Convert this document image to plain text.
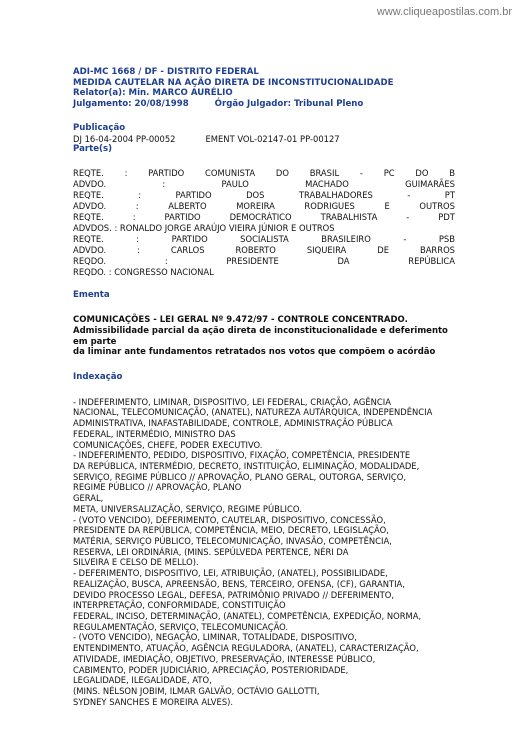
www.cliqueapostilas.com.br
ADI-MC 1668 / DF - DISTRITO FEDERAL
MEDIDA CAUTELAR NA AÇÃO DIRETA DE INCONSTITUCIONALIDADE
Relator(a): Min. MARCO AURÉLIO
Julgamento: 20/08/1998	Órgão Julgador: Tribunal Pleno
Publicação
DJ 16-04-2004 PP-00052	EMENT VOL-02147-01 PP-00127
Parte(s)
REQTE. : PARTIDO COMUNISTA DO BRASIL - PC DO B
ADVDO.	:	PAULO	MACHADO	GUIMARÃES
REQTE.	:	PARTIDO	DOS	TRABALHADORES	-	PT
ADVDO.	:	ALBERTO	MOREIRA	RODRIGUES	E	OUTROS
REQTE.	:	PARTIDO	DEMOCRÁTICO	TRABALHISTA	-	PDT
ADVDOS. : RONALDO JORGE ARAÚJO VIEIRA JÚNIOR E OUTROS
REQTE.	:	PARTIDO	SOCIALISTA	BRASILEIRO	-	PSB
ADVDO.	:	CARLOS	ROBERTO	SIQUEIRA	DE	BARROS
REQDO.	:	PRESIDENTE	DA	REPÚBLICA
REQDO. : CONGRESSO NACIONAL
Ementa
COMUNICAÇÕES - LEI GERAL Nº 9.472/97 - CONTROLE CONCENTRADO.
Admissibilidade parcial da ação direta de inconstitucionalidade e deferimento em parte
da liminar ante fundamentos retratados nos votos que compõem o acórdão
Indexação
- INDEFERIMENTO, LIMINAR, DISPOSITIVO, LEI FEDERAL, CRIAÇÃO, AGÊNCIA
NACIONAL, TELECOMUNICAÇÃO, (ANATEL), NATUREZA AUTÁRQUICA, INDEPENDÊNCIA
ADMINISTRATIVA, INAFASTABILIDADE, CONTROLE, ADMINISTRAÇÃO PÚBLICA
FEDERAL, INTERMÉDIO, MINISTRO DAS
COMUNICAÇÕES, CHEFE, PODER EXECUTIVO.
- INDEFERIMENTO, PEDIDO, DISPOSITIVO, FIXAÇÃO, COMPETÊNCIA, PRESIDENTE
DA REPÚBLICA, INTERMÉDIO, DECRETO, INSTITUIÇÃO, ELIMINAÇÃO, MODALIDADE,
SERVIÇO, REGIME PÚBLICO // APROVAÇÃO, PLANO GERAL, OUTORGA, SERVIÇO,
REGIME PÚBLICO // APROVAÇÃO, PLANO
GERAL,
META, UNIVERSALIZAÇÃO, SERVIÇO, REGIME PÚBLICO.
- (VOTO VENCIDO), DEFERIMENTO, CAUTELAR, DISPOSITIVO, CONCESSÃO,
PRESIDENTE DA REPÚBLICA, COMPETÊNCIA, MEIO, DECRETO, LEGISLAÇÃO,
MATÉRIA, SERVIÇO PÚBLICO, TELECOMUNICAÇÃO, INVASÃO, COMPETÊNCIA,
RESERVA, LEI ORDINÁRIA, (MINS. SEPÚLVEDA PERTENCE, NÉRI DA
SILVEIRA E CELSO DE MELLO).
- DEFERIMENTO, DISPOSITIVO, LEI, ATRIBUIÇÃO, (ANATEL), POSSIBILIDADE,
REALIZAÇÃO, BUSCA, APREENSÃO, BENS, TERCEIRO, OFENSA, (CF), GARANTIA,
DEVIDO PROCESSO LEGAL, DEFESA, PATRIMÔNIO PRIVADO // DEFERIMENTO,
INTERPRETAÇÃO, CONFORMIDADE, CONSTITUIÇÃO
FEDERAL, INCISO, DETERMINAÇÃO, (ANATEL), COMPETÊNCIA, EXPEDIÇÃO, NORMA,
REGULAMENTAÇÃO, SERVIÇO, TELECOMUNICAÇÃO.
- (VOTO VENCIDO), NEGAÇÃO, LIMINAR, TOTALIDADE, DISPOSITIVO,
ENTENDIMENTO, ATUAÇÃO, AGÊNCIA REGULADORA, (ANATEL), CARACTERIZAÇÃO,
ATIVIDADE, IMEDIAÇÃO, OBJETIVO, PRESERVAÇÃO, INTERESSE PÚBLICO,
CABIMENTO, PODER JUDICIÁRIO, APRECIAÇÃO, POSTERIORIDADE,
LEGALIDADE, ILEGALIDADE, ATO,
(MINS. NÉLSON JOBIM, ILMAR GALVÃO, OCTÁVIO GALLOTTI,
SYDNEY SANCHES E MOREIRA ALVES).
